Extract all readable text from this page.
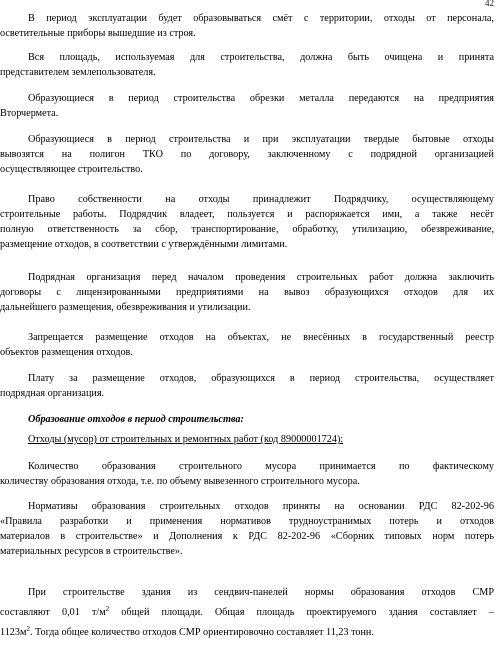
42

В период эксплуатации будет образовываться смёт с территории, отходы от персонала,
осветительные приборы вышедшие из строя.

Вся площадь, используемая для строительства, должна быть очищена и принята
представителем землепользователя.

Образующиеся в период строительства обрезки металла передаются на предприятия
Вторчермета.

Образующиеся в период строительства и при эксплуатации твердые бытовые отходы
вывозятся на полигон ТКО по договору, заключенному с подрядной организацией
осуществляющее строительство.

Право собственности на отходы принадлежит Подрядчику, осуществляющему
строительные работы. Подрядчик владеет, пользуется и распоряжается ими, а также несёт
полную ответственность за сбор, транспортирование, обработку, утилизацию, обезвреживание,
размещение отходов, в соответствии с утверждёнными лимитами.

Подрядная организация перед началом проведения строительных работ должна заключить
договоры с лицензированными предприятиями на вывоз образующихся отходов для их
дальнейшего размещения, обезвреживания и утилизации.

Запрещается размещение отходов на объектах, не внесённых в государственный реестр
объектов размещения отходов.

Плату за размещение отходов, образующихся в период строительства, осуществляет
подрядная организация.

Образование отходов в период строительства:

Отходы (мусор) от строительных и ремонтных работ (код 89000001724):

Количество образования строительного мусора принимается по фактическому
количеству образования отхода, т.е. по объему вывезенного строительного мусора.

Нормативы образования строительных отходов приняты на основании РДС 82-202-96
«Правила разработки и применения нормативов трудноустранимых потерь и отходов
материалов в строительстве» и Дополнения к РДС 82-202-96 «Сборник типовых норм потерь
материальных ресурсов в строительстве».

При строительстве здания из сендвич-панелей нормы образования отходов СМР
составляют 0,01 $т/м^2$ общей площади. Общая площадь проектируемого здания составляет –
$1123м^2$. Тогда общее количество отходов СМР ориентировочно составляет 11,23 тонн.
